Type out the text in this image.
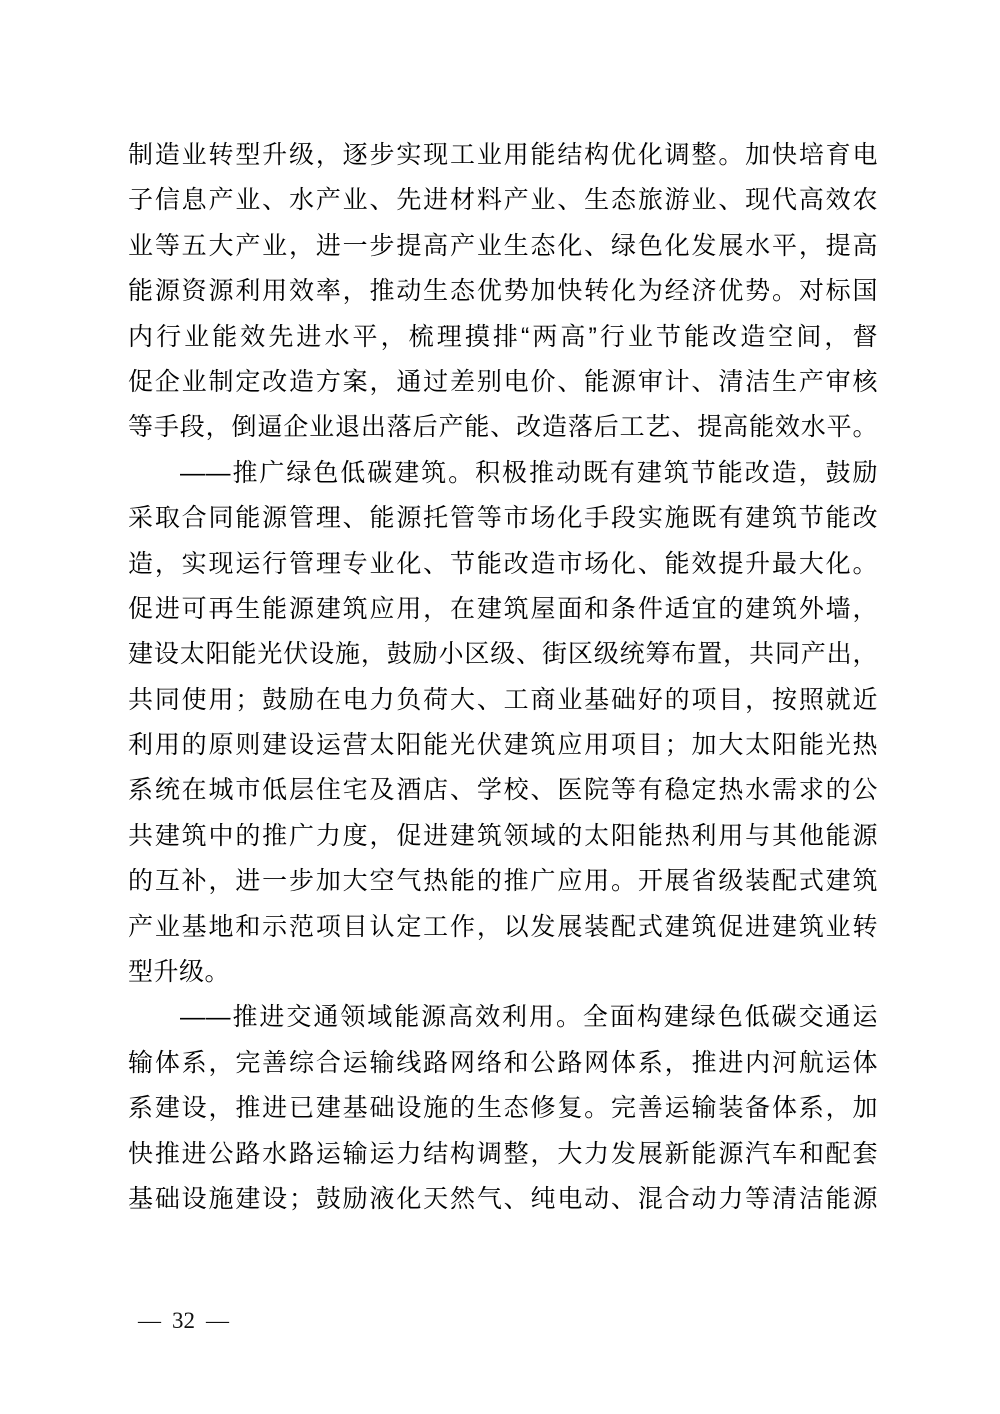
制造业转型升级，逐步实现工业用能结构优化调整。加快培育电
子信息产业、水产业、先进材料产业、生态旅游业、现代高效农
业等五大产业，进一步提高产业生态化、绿色化发展水平，提高
能源资源利用效率，推动生态优势加快转化为经济优势。对标国
内行业能效先进水平，梳理摸排“两高”行业节能改造空间，督
促企业制定改造方案，通过差别电价、能源审计、清洁生产审核
等手段，倒逼企业退出落后产能、改造落后工艺、提高能效水平。
——推广绿色低碳建筑。积极推动既有建筑节能改造，鼓励
采取合同能源管理、能源托管等市场化手段实施既有建筑节能改
造，实现运行管理专业化、节能改造市场化、能效提升最大化。
促进可再生能源建筑应用，在建筑屋面和条件适宜的建筑外墙，
建设太阳能光伏设施，鼓励小区级、街区级统筹布置，共同产出，
共同使用；鼓励在电力负荷大、工商业基础好的项目，按照就近
利用的原则建设运营太阳能光伏建筑应用项目；加大太阳能光热
系统在城市低层住宅及酒店、学校、医院等有稳定热水需求的公
共建筑中的推广力度，促进建筑领域的太阳能热利用与其他能源
的互补，进一步加大空气热能的推广应用。开展省级装配式建筑
产业基地和示范项目认定工作，以发展装配式建筑促进建筑业转
型升级。
——推进交通领域能源高效利用。全面构建绿色低碳交通运
输体系，完善综合运输线路网络和公路网体系，推进内河航运体
系建设，推进已建基础设施的生态修复。完善运输装备体系，加
快推进公路水路运输运力结构调整，大力发展新能源汽车和配套
基础设施建设；鼓励液化天然气、纯电动、混合动力等清洁能源
— 32 —
